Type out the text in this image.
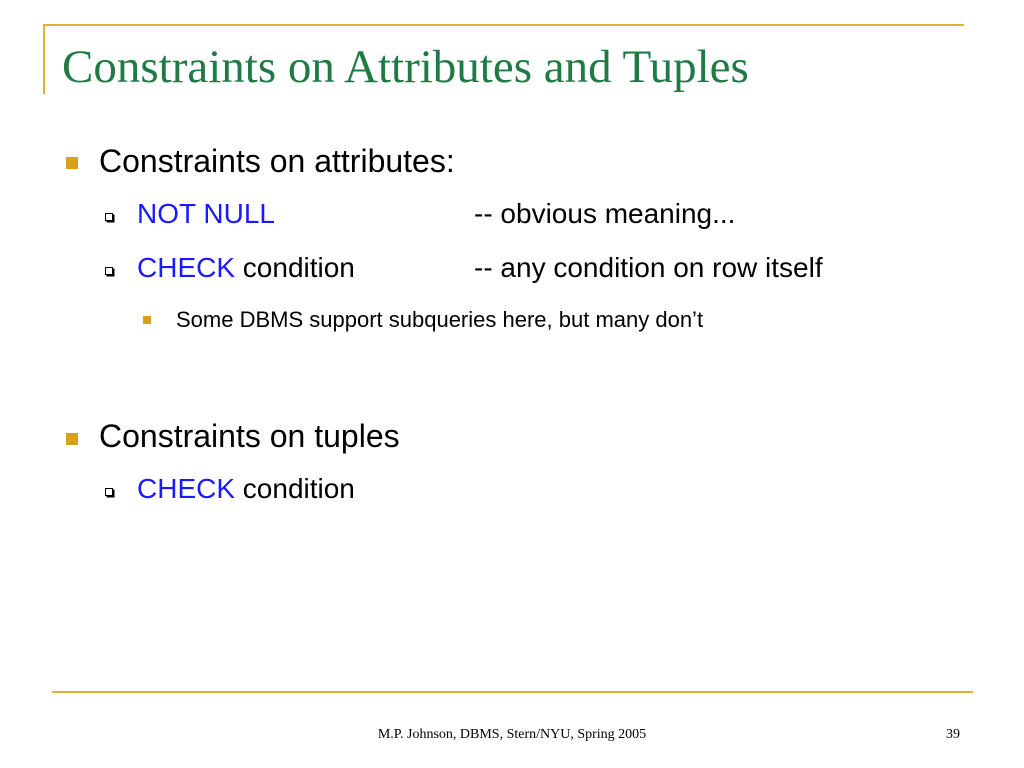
Constraints on Attributes and Tuples
Constraints on attributes:
NOT NULL	-- obvious meaning...
CHECK condition	-- any condition on row itself
Some DBMS support subqueries here, but many don’t
Constraints on tuples
CHECK condition
M.P. Johnson, DBMS, Stern/NYU, Spring 2005	39
